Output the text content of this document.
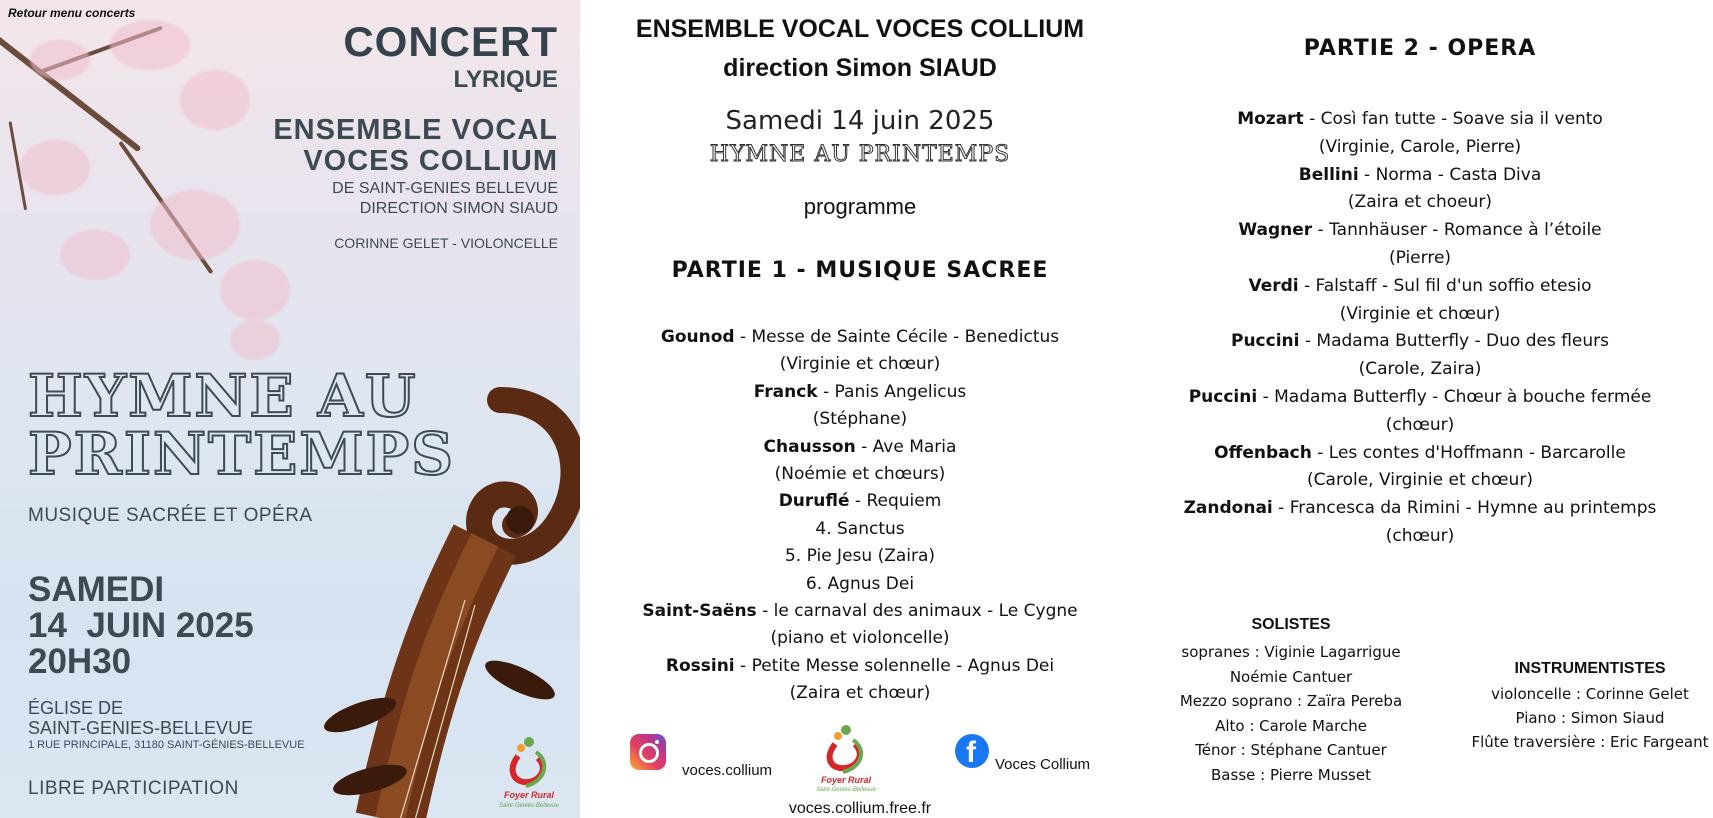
Retour menu concerts
CONCERT
LYRIQUE
ENSEMBLE VOCAL
VOCES COLLIUM
DE SAINT-GENIES BELLEVUE
DIRECTION SIMON SIAUD
CORINNE GELET - VIOLONCELLE
HYMNE AU
PRINTEMPS
MUSIQUE SACRÉE ET OPÉRA
SAMEDI
14  JUIN 2025
20H30
ÉGLISE DE
SAINT-GENIES-BELLEVUE
1 RUE PRINCIPALE, 31180 SAINT-GÉNIES-BELLEVUE
LIBRE PARTICIPATION	Foyer Rural
Saint-Geniès-Bellevue
ENSEMBLE VOCAL VOCES COLLIUM
direction Simon SIAUD
Samedi 14 juin 2025
HYMNE AU PRINTEMPS
programme
PARTIE 1 - MUSIQUE SACREE
Gounod - Messe de Sainte Cécile - Benedictus
(Virginie et chœur)
Franck - Panis Angelicus
(Stéphane)
Chausson - Ave Maria
(Noémie et chœurs)
Duruflé - Requiem
4. Sanctus
5. Pie Jesu (Zaira)
6. Agnus Dei
Saint-Saëns - le carnaval des animaux - Le Cygne
(piano et violoncelle)
Rossini - Petite Messe solennelle - Agnus Dei
(Zaira et chœur)
voces.collium
Foyer Rural
Saint-Geniès-Bellevue
f Voces Collium
voces.collium.free.fr
PARTIE 2 - OPERA
Mozart - Così fan tutte - Soave sia il vento
(Virginie, Carole, Pierre)
Bellini - Norma - Casta Diva
(Zaira et choeur)
Wagner - Tannhäuser - Romance à l’étoile
(Pierre)
Verdi - Falstaff - Sul fil d'un soffio etesio
(Virginie et chœur)
Puccini - Madama Butterfly - Duo des fleurs
(Carole, Zaira)
Puccini - Madama Butterfly - Chœur à bouche fermée
(chœur)
Offenbach - Les contes d'Hoffmann - Barcarolle
(Carole, Virginie et chœur)
Zandonai - Francesca da Rimini - Hymne au printemps
(chœur)
SOLISTES
sopranes : Viginie Lagarrigue
Noémie Cantuer
Mezzo soprano : Zaïra Pereba
Alto : Carole Marche
Ténor : Stéphane Cantuer
Basse : Pierre Musset
INSTRUMENTISTES
violoncelle : Corinne Gelet
Piano : Simon Siaud
Flûte traversière : Eric Fargeant
